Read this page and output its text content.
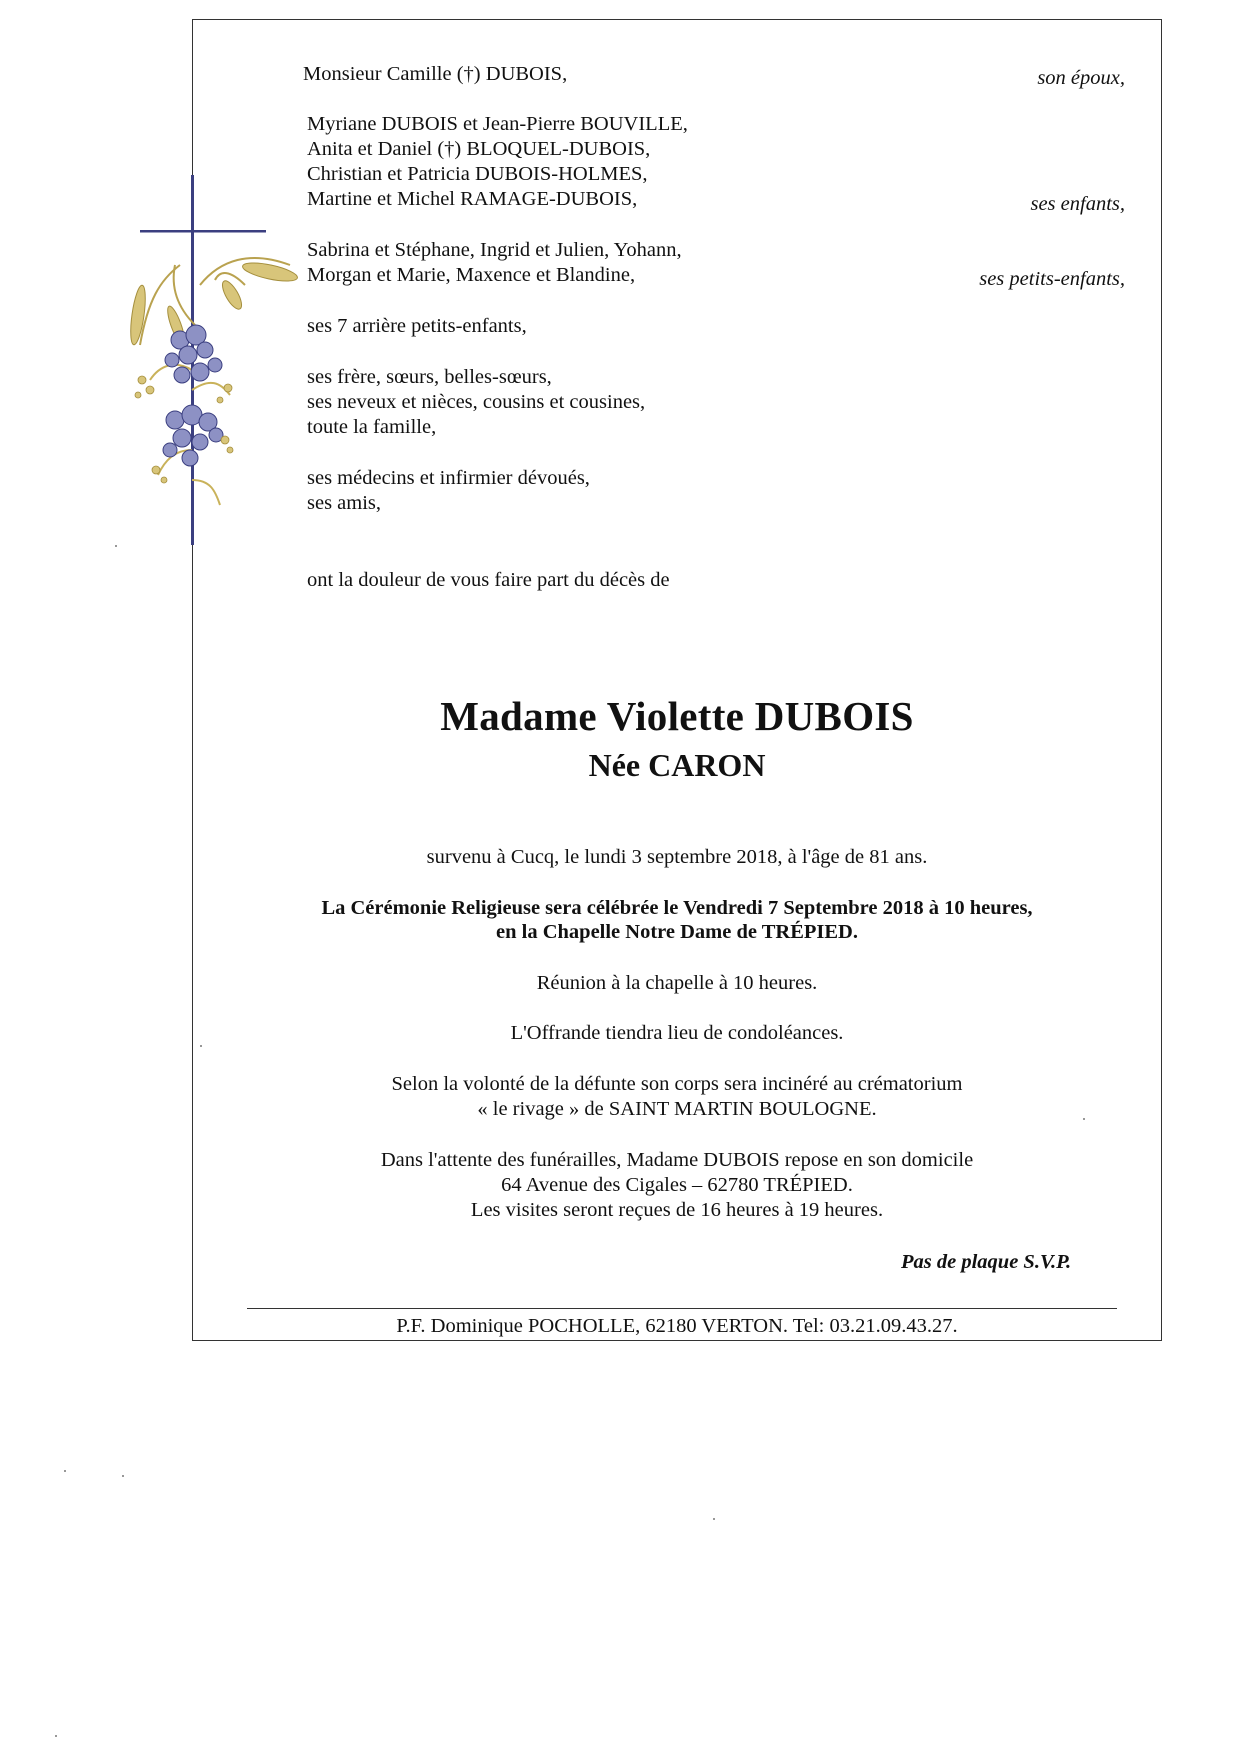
Monsieur Camille (†) DUBOIS,	son époux,
Myriane DUBOIS et Jean-Pierre BOUVILLE,
Anita et Daniel (†) BLOQUEL-DUBOIS,
Christian et Patricia DUBOIS-HOLMES,
Martine et Michel RAMAGE-DUBOIS,	ses enfants,
Sabrina et Stéphane, Ingrid et Julien, Yohann,
Morgan et Marie, Maxence et Blandine,	ses petits-enfants,
ses 7 arrière petits-enfants,
ses frère, sœurs, belles-sœurs,
ses neveux et nièces, cousins et cousines,
toute la famille,
ses médecins et infirmier dévoués,
ses amis,
ont la douleur de vous faire part du décès de
Madame Violette DUBOIS
Née CARON
survenu à Cucq, le lundi 3 septembre 2018, à l'âge de 81 ans.
La Cérémonie Religieuse sera célébrée le Vendredi 7 Septembre 2018 à 10 heures,
en la Chapelle Notre Dame de TRÉPIED.
Réunion à la chapelle à 10 heures.
L'Offrande tiendra lieu de condoléances.
Selon la volonté de la défunte son corps sera incinéré au crématorium
« le rivage » de SAINT MARTIN BOULOGNE.
Dans l'attente des funérailles, Madame DUBOIS repose en son domicile
64 Avenue des Cigales – 62780 TRÉPIED.
Les visites seront reçues de 16 heures à 19 heures.
Pas de plaque S.V.P.
P.F. Dominique POCHOLLE, 62180 VERTON. Tel: 03.21.09.43.27.
